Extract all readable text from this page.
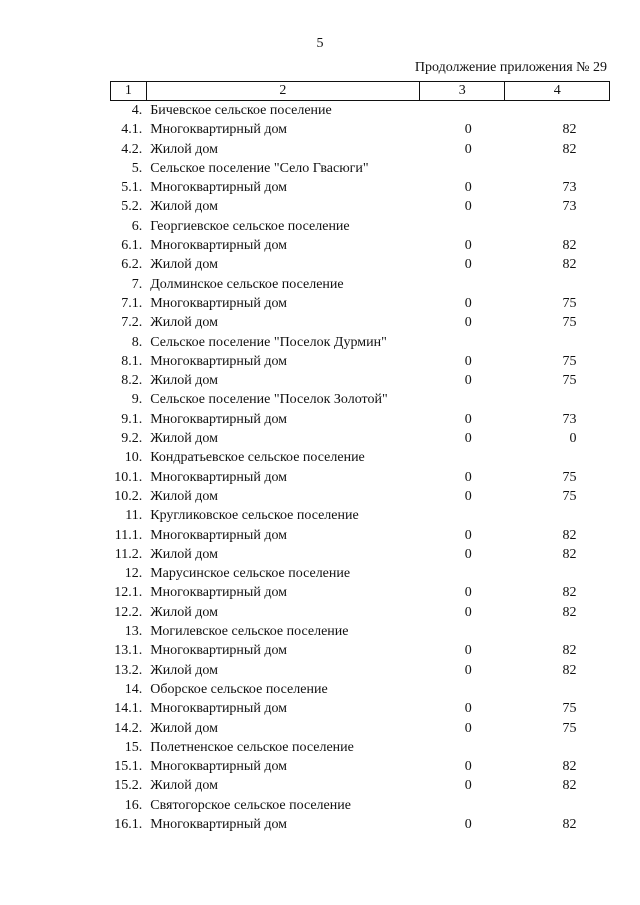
5
Продолжение приложения № 29
1	2	3	4
4.	Бичевское сельское поселение		
4.1.	Многоквартирный дом	0	82
4.2.	Жилой дом	0	82
5.	Сельское поселение "Село Гвасюги"		
5.1.	Многоквартирный дом	0	73
5.2.	Жилой дом	0	73
6.	Георгиевское сельское поселение		
6.1.	Многоквартирный дом	0	82
6.2.	Жилой дом	0	82
7.	Долминское сельское поселение		
7.1.	Многоквартирный дом	0	75
7.2.	Жилой дом	0	75
8.	Сельское поселение "Поселок Дурмин"		
8.1.	Многоквартирный дом	0	75
8.2.	Жилой дом	0	75
9.	Сельское поселение "Поселок Золотой"		
9.1.	Многоквартирный дом	0	73
9.2.	Жилой дом	0	0
10.	Кондратьевское сельское поселение		
10.1.	Многоквартирный дом	0	75
10.2.	Жилой дом	0	75
11.	Кругликовское сельское поселение		
11.1.	Многоквартирный дом	0	82
11.2.	Жилой дом	0	82
12.	Марусинское сельское поселение		
12.1.	Многоквартирный дом	0	82
12.2.	Жилой дом	0	82
13.	Могилевское сельское поселение		
13.1.	Многоквартирный дом	0	82
13.2.	Жилой дом	0	82
14.	Оборское сельское поселение		
14.1.	Многоквартирный дом	0	75
14.2.	Жилой дом	0	75
15.	Полетненское сельское поселение		
15.1.	Многоквартирный дом	0	82
15.2.	Жилой дом	0	82
16.	Святогорское сельское поселение		
16.1.	Многоквартирный дом	0	82
